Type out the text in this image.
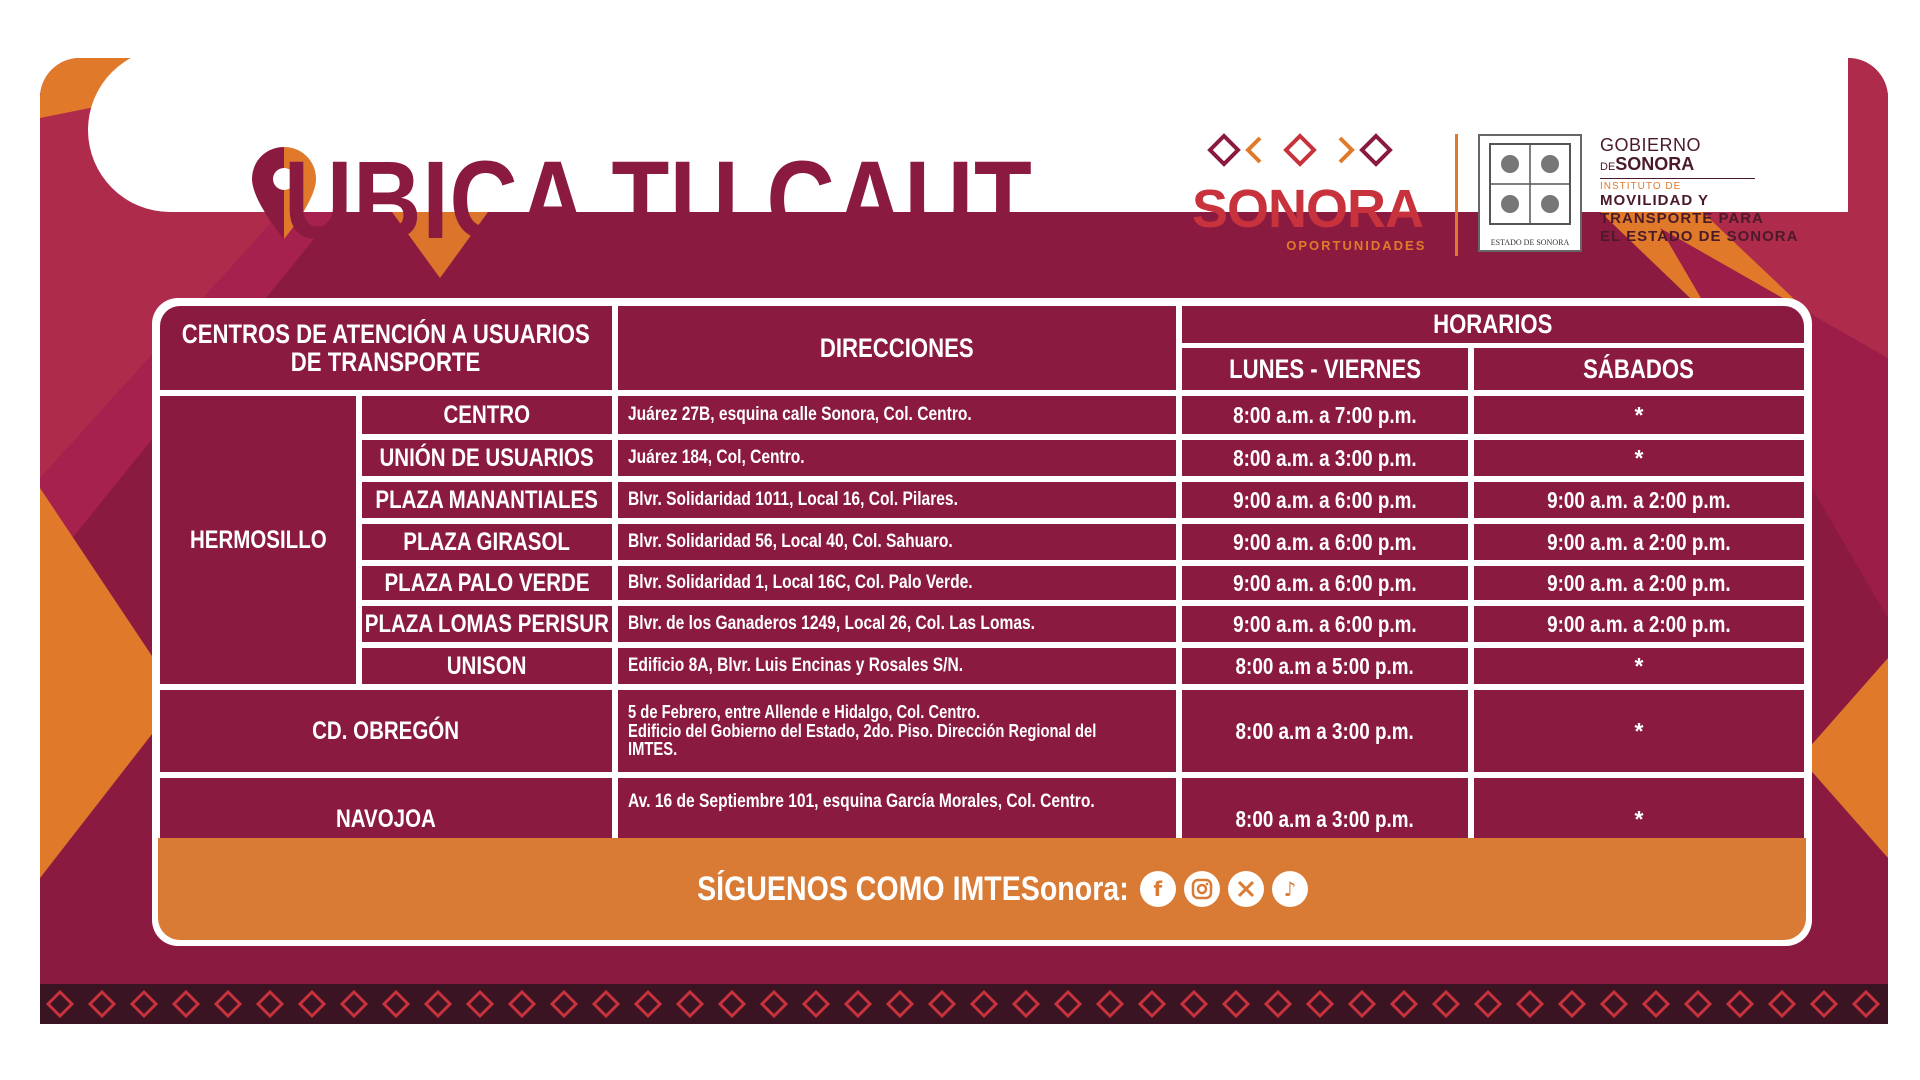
UBICA TU CAUT	SONORA
TIERRA DE OPORTUNIDADES	ESTADO DE SONORA
GOBIERNO
DESONORA
INSTITUTO DE
MOVILIDAD Y
TRANSPORTE PARA
EL ESTADO DE SONORA
CENTROS DE ATENCIÓN A USUARIOS
DE TRANSPORTE	DIRECCIONES
HORARIOS
LUNES - VIERNES	SÁBADOS
HERMOSILLO
CENTRO	Juárez 27B, esquina calle Sonora, Col. Centro.	8:00 a.m. a 7:00 p.m.	*
UNIÓN DE USUARIOS Juárez 184, Col, Centro.	8:00 a.m. a 3:00 p.m.	*
PLAZA MANANTIALES Blvr. Solidaridad 1011, Local 16, Col. Pilares.	9:00 a.m. a 6:00 p.m.	9:00 a.m. a 2:00 p.m.
PLAZA GIRASOL	Blvr. Solidaridad 56, Local 40, Col. Sahuaro.	9:00 a.m. a 6:00 p.m.	9:00 a.m. a 2:00 p.m.
PLAZA PALO VERDE Blvr. Solidaridad 1, Local 16C, Col. Palo Verde.	9:00 a.m. a 6:00 p.m.	9:00 a.m. a 2:00 p.m.
PLAZA LOMAS PERISUR Blvr. de los Ganaderos 1249, Local 26, Col. Las Lomas.	9:00 a.m. a 6:00 p.m.	9:00 a.m. a 2:00 p.m.
UNISON	Edificio 8A, Blvr. Luis Encinas y Rosales S/N.	8:00 a.m a 5:00 p.m.	*
CD. OBREGÓN
5 de Febrero, entre Allende e Hidalgo, Col. Centro.
Edificio del Gobierno del Estado, 2do. Piso. Dirección Regional del
IMTES.
8:00 a.m a 3:00 p.m.	*
NAVOJOA
Av. 16 de Septiembre 101, esquina García Morales, Col. Centro.
8:00 a.m a 3:00 p.m.	*
SÍGUENOS COMO IMTESonora:	f	♪
